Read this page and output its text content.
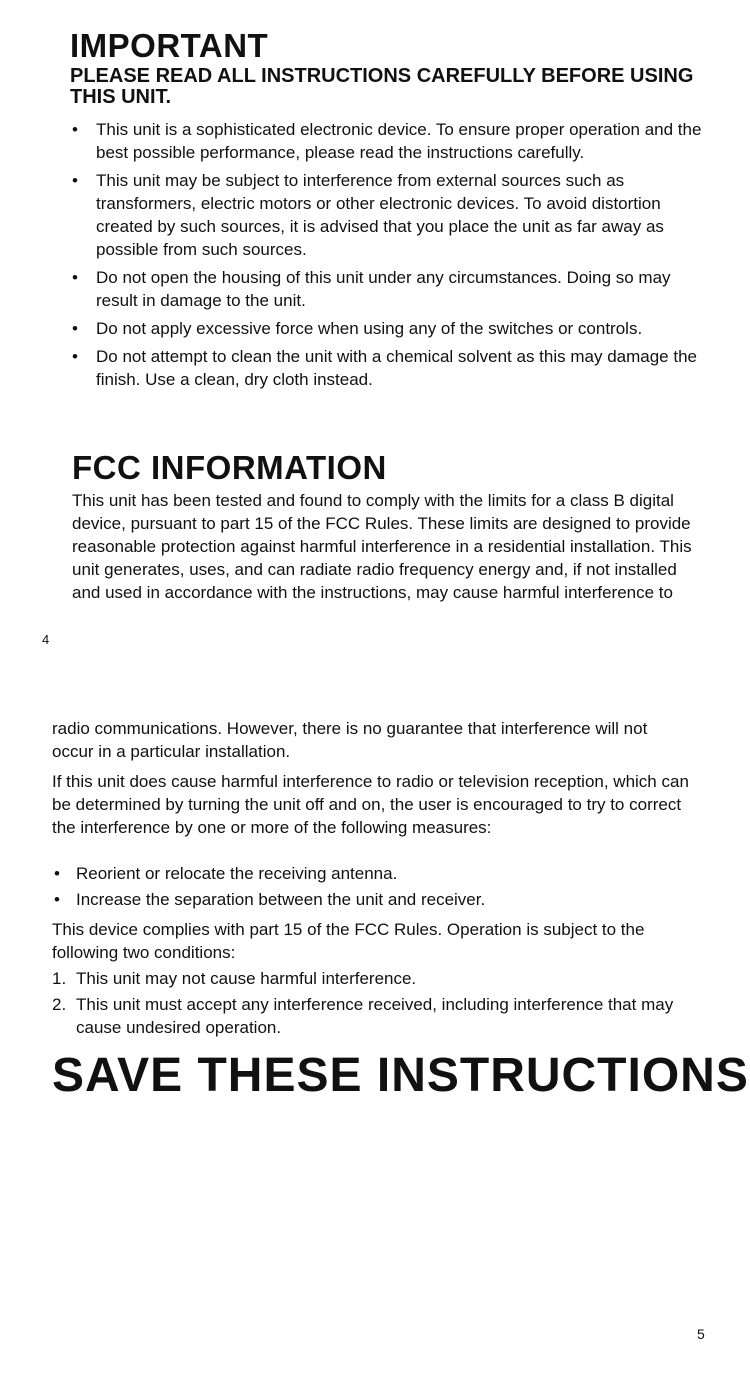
IMPORTANT
PLEASE READ ALL INSTRUCTIONS CAREFULLY BEFORE USING THIS UNIT.
• This unit is a sophisticated electronic device. To ensure proper operation and the best possible performance, please read the instructions carefully.
• This unit may be subject to interference from external sources such as transformers, electric motors or other electronic devices. To avoid distortion created by such sources, it is advised that you place the unit as far away as possible from such sources.
• Do not open the housing of this unit under any circumstances. Doing so may result in damage to the unit.
• Do not apply excessive force when using any of the switches or controls.
• Do not attempt to clean the unit with a chemical solvent as this may damage the finish. Use a clean, dry cloth instead.
FCC INFORMATION

This unit has been tested and found to comply with the limits for a class B digital device, pursuant to part 15 of the FCC Rules. These limits are designed to provide reasonable protection against harmful interference in a residential installation. This unit generates, uses, and can radiate radio frequency energy and, if not installed and used in accordance with the instructions, may cause harmful interference to

4

radio communications. However, there is no guarantee that interference will not occur in a particular installation.

If this unit does cause harmful interference to radio or television reception, which can be determined by turning the unit off and on, the user is encouraged to try to correct the interference by one or more of the following measures:

• Reorient or relocate the receiving antenna.
• Increase the separation between the unit and receiver.

This device complies with part 15 of the FCC Rules. Operation is subject to the following two conditions:

1. This unit may not cause harmful interference.
2. This unit must accept any interference received, including interference that may cause undesired operation.
SAVE THESE INSTRUCTIONS

5
